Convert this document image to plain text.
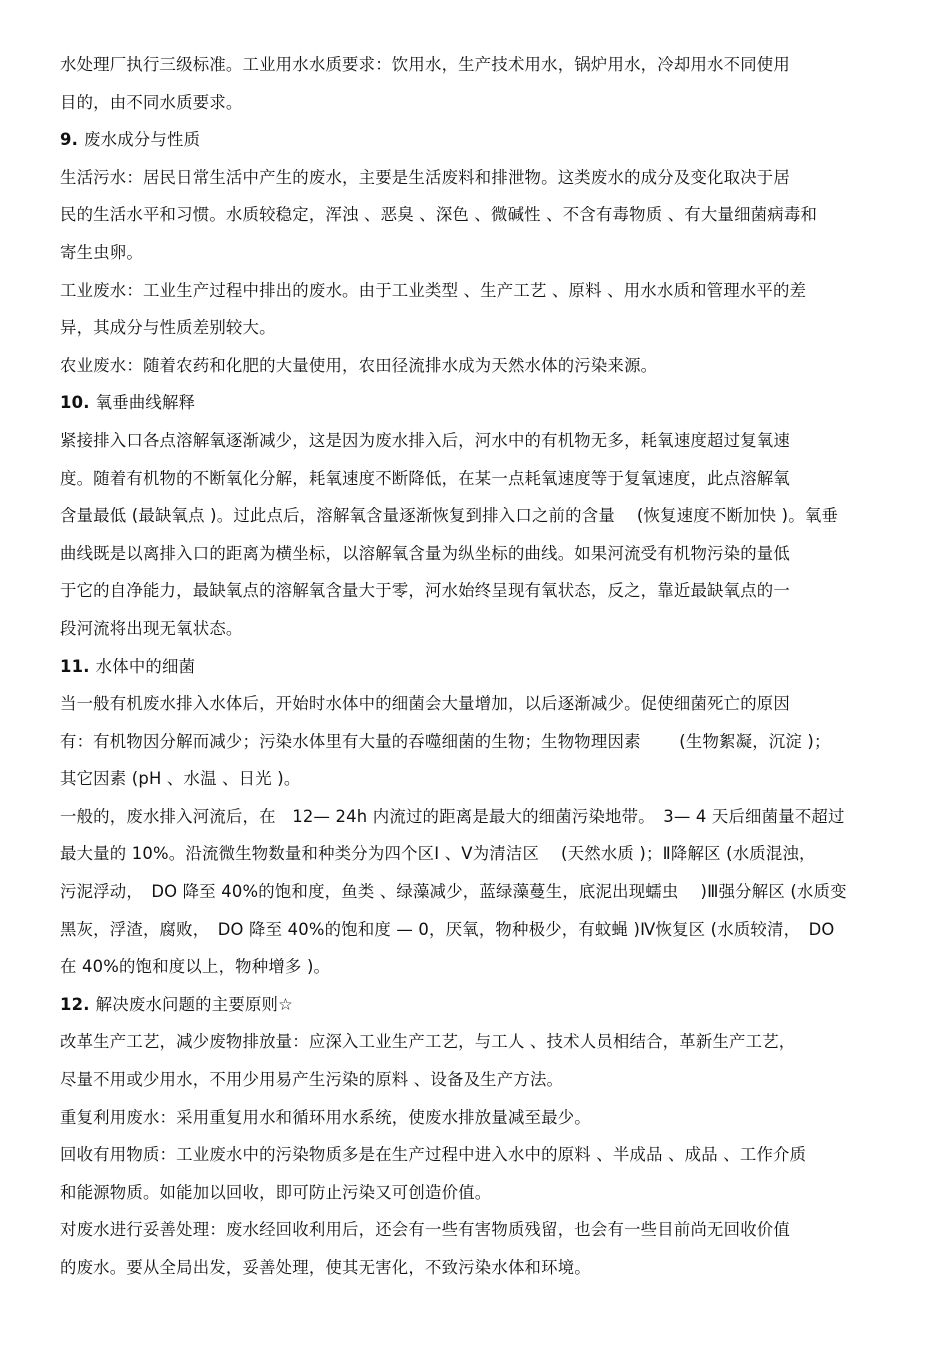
水处理厂执行三级标准。工业用水水质要求：饮用水，生产技术用水，锅炉用水，冷却用水不同使用
目的，由不同水质要求。
9. 废水成分与性质
生活污水：居民日常生活中产生的废水，主要是生活废料和排泄物。这类废水的成分及变化取决于居
民的生活水平和习惯。水质较稳定，浑浊 、恶臭 、深色 、微碱性 、不含有毒物质 、有大量细菌病毒和
寄生虫卵。
工业废水：工业生产过程中排出的废水。由于工业类型 、生产工艺 、原料 、用水水质和管理水平的差
异，其成分与性质差别较大。
农业废水：随着农药和化肥的大量使用，农田径流排水成为天然水体的污染来源。
10. 氧垂曲线解释
紧接排入口各点溶解氧逐渐减少，这是因为废水排入后，河水中的有机物无多，耗氧速度超过复氧速
度。随着有机物的不断氧化分解，耗氧速度不断降低，在某一点耗氧速度等于复氧速度，此点溶解氧
含量最低 (最缺氧点 )。过此点后，溶解氧含量逐渐恢复到排入口之前的含量　 (恢复速度不断加快 )。氧垂
曲线既是以离排入口的距离为横坐标，以溶解氧含量为纵坐标的曲线。如果河流受有机物污染的量低
于它的自净能力，最缺氧点的溶解氧含量大于零，河水始终呈现有氧状态，反之，靠近最缺氧点的一
段河流将出现无氧状态。
11. 水体中的细菌
当一般有机废水排入水体后，开始时水体中的细菌会大量增加，以后逐渐减少。促使细菌死亡的原因
有：有机物因分解而减少；污染水体里有大量的吞噬细菌的生物；生物物理因素　　 (生物絮凝，沉淀 )；
其它因素 (pH 、水温 、日光 )。
一般的，废水排入河流后，在　12— 24h 内流过的距离是最大的细菌污染地带。　3— 4 天后细菌量不超过
最大量的 10%。沿流微生物数量和种类分为四个区Ⅰ 、Ⅴ为清洁区　 (天然水质 )；Ⅱ降解区 (水质混浊，
污泥浮动，　DO 降至 40%的饱和度，鱼类 、绿藻减少，蓝绿藻蔓生，底泥出现蠕虫　 )Ⅲ强分解区 (水质变
黑灰，浮渣，腐败，　DO 降至 40%的饱和度 — 0，厌氧，物种极少，有蚊蝇 )Ⅳ恢复区 (水质较清，　DO
在 40%的饱和度以上，物种增多 )。
12. 解决废水问题的主要原则☆
改革生产工艺，减少废物排放量：应深入工业生产工艺，与工人 、技术人员相结合，革新生产工艺，
尽量不用或少用水，不用少用易产生污染的原料 、设备及生产方法。
重复利用废水：采用重复用水和循环用水系统，使废水排放量减至最少。
回收有用物质：工业废水中的污染物质多是在生产过程中进入水中的原料 、半成品 、成品 、工作介质
和能源物质。如能加以回收，即可防止污染又可创造价值。
对废水进行妥善处理：废水经回收利用后，还会有一些有害物质残留，也会有一些目前尚无回收价值
的废水。要从全局出发，妥善处理，使其无害化，不致污染水体和环境。
